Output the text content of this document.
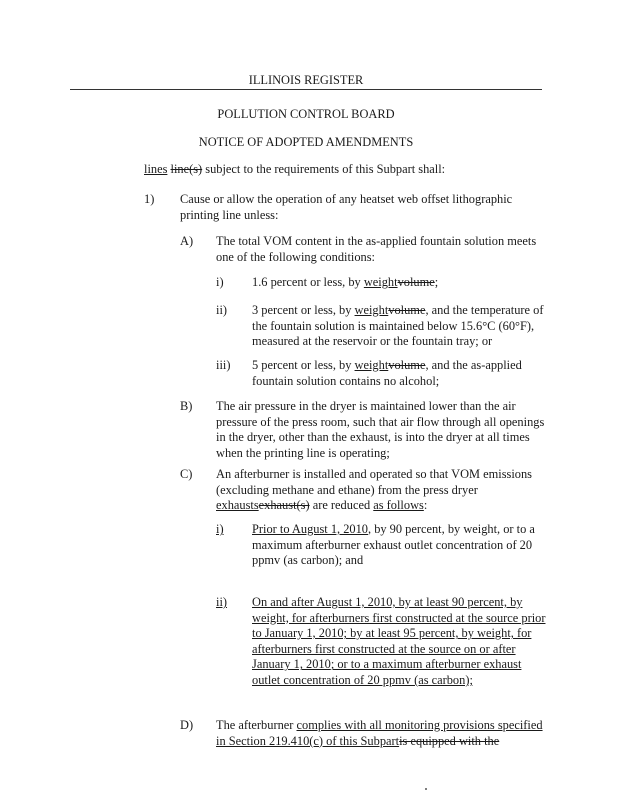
ILLINOIS REGISTER
POLLUTION CONTROL BOARD
NOTICE OF ADOPTED AMENDMENTS
lines line(s) subject to the requirements of this Subpart shall:
1) Cause or allow the operation of any heatset web offset lithographic
printing line unless:
A) The total VOM content in the as-applied fountain solution meets
one of the following conditions:
i) 1.6 percent or less, by weightvolume;
ii) 3 percent or less, by weightvolume, and the temperature of
the fountain solution is maintained below 15.6°C (60°F),
measured at the reservoir or the fountain tray; or
iii) 5 percent or less, by weightvolume, and the as-applied
fountain solution contains no alcohol;
B) The air pressure in the dryer is maintained lower than the air
pressure of the press room, such that air flow through all openings
in the dryer, other than the exhaust, is into the dryer at all times
when the printing line is operating;
C) An afterburner is installed and operated so that VOM emissions
(excluding methane and ethane) from the press dryer
exhaustsexhaust(s) are reduced as follows:
i) Prior to August 1, 2010, by 90 percent, by weight, or to a
maximum afterburner exhaust outlet concentration of 20
ppmv (as carbon); and
ii) On and after August 1, 2010, by at least 90 percent, by
weight, for afterburners first constructed at the source prior
to January 1, 2010; by at least 95 percent, by weight, for
afterburners first constructed at the source on or after
January 1, 2010; or to a maximum afterburner exhaust
outlet concentration of 20 ppmv (as carbon);
D) The afterburner complies with all monitoring provisions specified
in Section 219.410(c) of this Subpartis equipped with the
